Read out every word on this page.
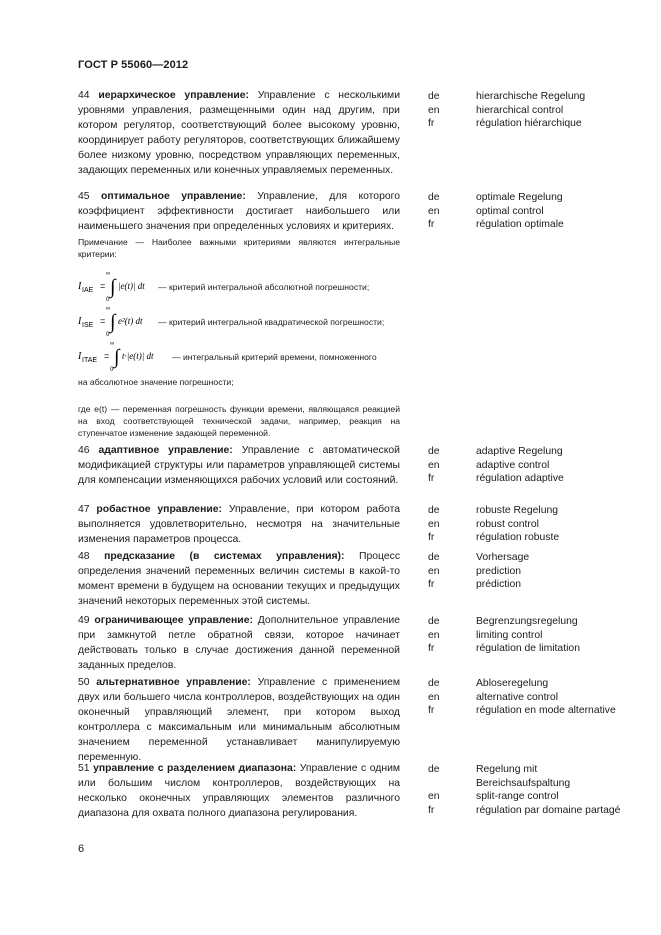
ГОСТ Р 55060—2012
44 иерархическое управление: Управление с несколькими уровнями управления, размещенными один над другим, при котором регулятор, соответствующий более высокому уровню, координирует работу регуляторов, соответствующих ближайшему более низкому уровню, посредством управляющих переменных, задающих переменных или конечных управляемых переменных.
de
en
fr
hierarchische Regelung
hierarchical control
régulation hiérarchique
45 оптимальное управление: Управление, для которого коэффициент эффективности достигает наибольшего или наименьшего значения при определенных условиях и критериях.
de
en
fr
optimale Regelung
optimal control
régulation optimale
Примечание — Наиболее важными критериями являются интегральные критерии:
I IAE =
∞
∫
0
|e(t)| dt — критерий интегральной абсолютной погрешности;
I ISE =
∞
∫
0
e²(t) dt — критерий интегральной квадратической погрешности;
I ITAE =
∞
∫
0
t·|e(t)| dt — интегральный критерий времени, помноженного
на абсолютное значение погрешности;
где e(t) — переменная погрешность функции времени, являющаяся реакцией на вход соответствующей технической задачи, например, реакция на ступенчатое изменение задающей переменной.
46 адаптивное управление: Управление с автоматической модификацией структуры или параметров управляющей системы для компенсации изменяющихся рабочих условий или состояний.
de
en
fr
adaptive Regelung
adaptive control
régulation adaptive
47 робастное управление: Управление, при котором работа выполняется удовлетворительно, несмотря на значительные изменения параметров процесса.
de
en
fr
robuste Regelung
robust control
régulation robuste
48 предсказание (в системах управления): Процесс определения значений переменных величин системы в какой-то момент времени в будущем на основании текущих и предыдущих значений некоторых переменных этой системы.
de
en
fr
Vorhersage
prediction
prédiction
49 ограничивающее управление: Дополнительное управление при замкнутой петле обратной связи, которое начинает действовать только в случае достижения данной переменной заданных пределов.
de
en
fr
Begrenzungsregelung
limiting control
régulation de limitation
50 альтернативное управление: Управление с применением двух или большего числа контроллеров, воздействующих на один оконечный управляющий элемент, при котором выход контроллера с максимальным или минимальным абсолютным значением переменной устанавливает манипулируемую переменную.
de
en
fr
Abloseregelung
alternative control
régulation en mode alternative
51 управление с разделением диапазона: Управление с одним или большим числом контроллеров, воздействующих на несколько оконечных управляющих элементов различного диапазона для охвата полного диапазона регулирования.
de
en
fr
Regelung mit Bereichsaufspaltung
split-range control
régulation par domaine partagé
6
